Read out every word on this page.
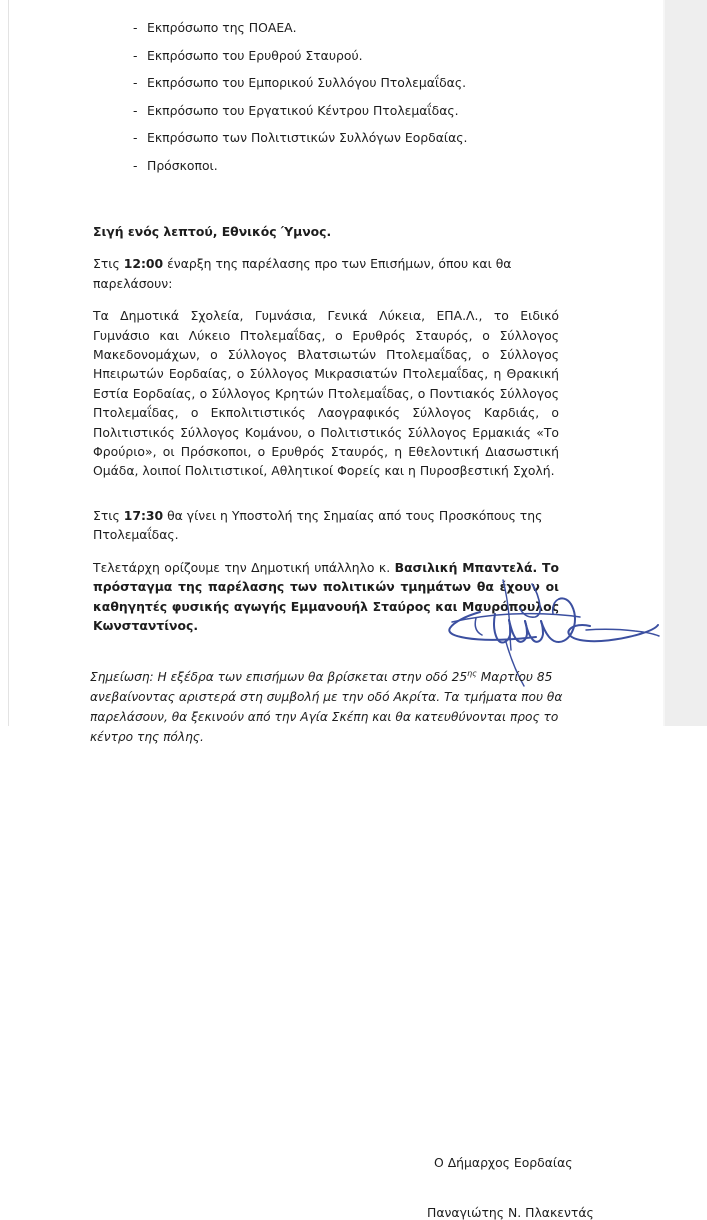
- Εκπρόσωπο της ΠΟΑΕΑ.
- Εκπρόσωπο του Ερυθρού Σταυρού.
- Εκπρόσωπο του Εμπορικού Συλλόγου Πτολεμαΐδας.
- Εκπρόσωπο του Εργατικού Κέντρου Πτολεμαΐδας.
- Εκπρόσωπο των Πολιτιστικών Συλλόγων Εορδαίας.
- Πρόσκοποι.

Σιγή ενός λεπτού, Εθνικός Ύμνος.

Στις 12:00 έναρξη της παρέλασης προ των Επισήμων, όπου και θα παρελάσουν:

Τα Δημοτικά Σχολεία, Γυμνάσια, Γενικά Λύκεια, ΕΠΑ.Λ., το Ειδικό Γυμνάσιο και Λύκειο Πτολεμαΐδας, ο Ερυθρός Σταυρός, ο Σύλλογος Μακεδονομάχων, ο Σύλλογος Βλατσιωτών Πτολεμαΐδας, ο Σύλλογος Ηπειρωτών Εορδαίας, ο Σύλλογος Μικρασιατών Πτολεμαΐδας, η Θρακική Εστία Εορδαίας, ο Σύλλογος Κρητών Πτολεμαΐδας, ο Ποντιακός Σύλλογος Πτολεμαΐδας, ο Εκπολιτιστικός Λαογραφικός Σύλλογος Καρδιάς, ο Πολιτιστικός Σύλλογος Κομάνου, ο Πολιτιστικός Σύλλογος Ερμακιάς «Το Φρούριο», οι Πρόσκοποι, ο Ερυθρός Σταυρός, η Εθελοντική Διασωστική Ομάδα, λοιποί Πολιτιστικοί, Αθλητικοί Φορείς και η Πυροσβεστική Σχολή.

Στις 17:30 θα γίνει η Υποστολή της Σημαίας από τους Προσκόπους της Πτολεμαΐδας.

Τελετάρχη ορίζουμε την Δημοτική υπάλληλο κ. Βασιλική Μπαντελά. Το πρόσταγμα της παρέλασης των πολιτικών τμημάτων θα έχουν οι καθηγητές φυσικής αγωγής Εμμανουήλ Σταύρος και Μαυρόπουλος Κωνσταντίνος.

Ο Δήμαρχος Εορδαίας
Παναγιώτης Ν. Πλακεντάς
Σημείωση: Η εξέδρα των επισήμων θα βρίσκεται στην οδό $25^{\eta\varsigma}$ Μαρτίου 85 ανεβαίνοντας αριστερά στη συμβολή με την οδό Ακρίτα. Τα τμήματα που θα παρελάσουν, θα ξεκινούν από την Αγία Σκέπη και θα κατευθύνονται προς το κέντρο της πόλης.
